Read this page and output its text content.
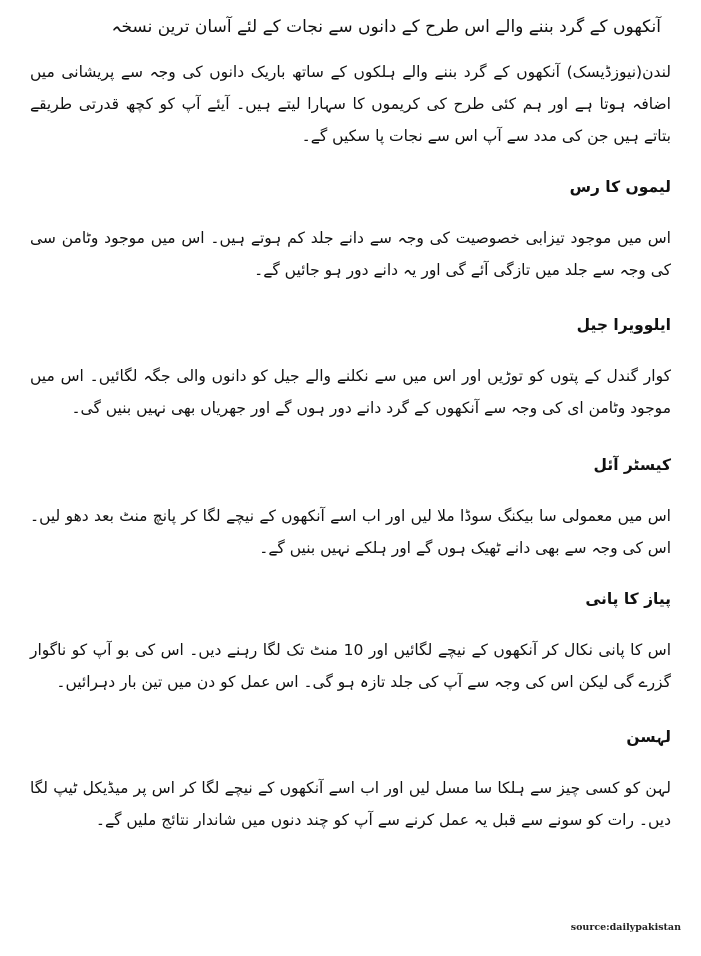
آنکھوں کے گرد بننے والے اس طرح کے دانوں سے نجات کے لئے آسان ترین نسخہ

لندن(نیوزڈیسک) آنکھوں کے گرد بننے والے ہلکوں کے ساتھ باریک دانوں کی وجہ سے پریشانی میں اضافہ ہوتا ہے اور ہم کئی طرح کی کریموں کا سہارا لیتے ہیں۔ آیئے آپ کو کچھ قدرتی طریقے بتاتے ہیں جن کی مدد سے آپ اس سے نجات پا سکیں گے۔

لیموں کا رس

اس میں موجود تیزابی خصوصیت کی وجہ سے دانے جلد کم ہوتے ہیں۔ اس میں موجود وٹامن سی کی وجہ سے جلد میں تازگی آئے گی اور یہ دانے دور ہو جائیں گے۔

ایلوویرا جیل

کوار گندل کے پتوں کو توڑیں اور اس میں سے نکلنے والے جیل کو دانوں والی جگہ لگائیں۔ اس میں موجود وٹامن ای کی وجہ سے آنکھوں کے گرد دانے دور ہوں گے اور جھریاں بھی نہیں بنیں گی۔

کیسٹر آئل

اس میں معمولی سا بیکنگ سوڈا ملا لیں اور اب اسے آنکھوں کے نیچے لگا کر پانچ منٹ بعد دھو لیں۔ اس کی وجہ سے بھی دانے ٹھیک ہوں گے اور ہلکے نہیں بنیں گے۔

پیاز کا پانی

اس کا پانی نکال کر آنکھوں کے نیچے لگائیں اور 10 منٹ تک لگا رہنے دیں۔ اس کی بو آپ کو ناگوار گزرے گی لیکن اس کی وجہ سے آپ کی جلد تازہ ہو گی۔ اس عمل کو دن میں تین بار دہرائیں۔

لہسن

لہن کو کسی چیز سے ہلکا سا مسل لیں اور اب اسے آنکھوں کے نیچے لگا کر اس پر میڈیکل ٹیپ لگا دیں۔ رات کو سونے سے قبل یہ عمل کرنے سے آپ کو چند دنوں میں شاندار نتائج ملیں گے۔

source:dailypakistan
